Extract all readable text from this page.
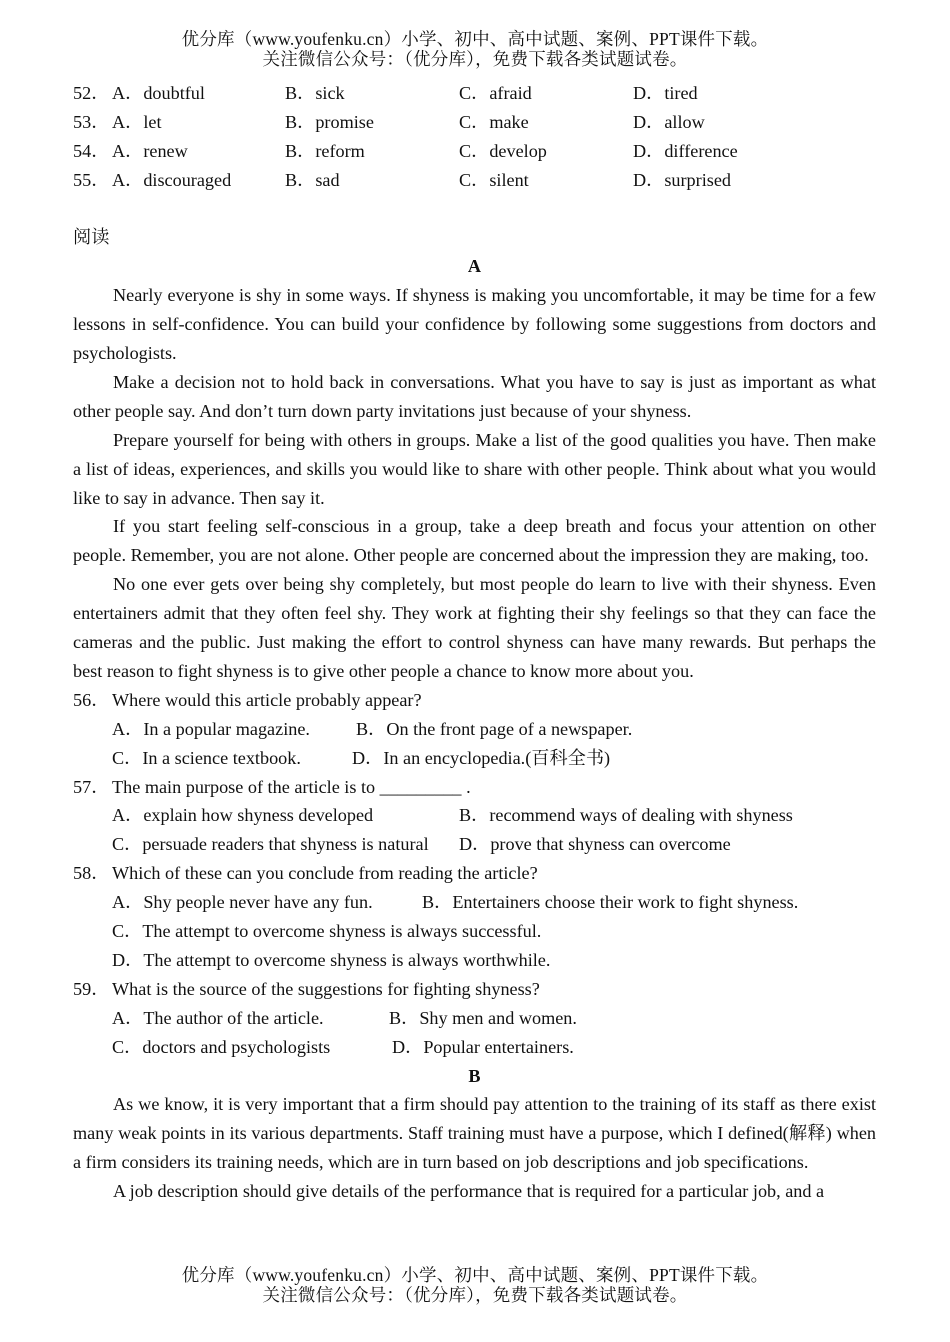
优分库（www.youfenku.cn）小学、初中、高中试题、案例、PPT课件下载。
关注微信公众号：（优分库），免费下载各类试题试卷。
52． A．doubtful	B．sick	C．afraid	D．tired
53． A．let	B．promise	C．make	D．allow
54． A．renew	B．reform	C．develop	D．difference
55． A．discouraged	B．sad	C．silent	D．surprised
阅读
A

Nearly everyone is shy in some ways. If shyness is making you uncomfortable, it may be time for a few lessons in self-confidence. You can build your confidence by following some suggestions from doctors and psychologists.

Make a decision not to hold back in conversations. What you have to say is just as important as what other people say. And don’t turn down party invitations just because of your shyness.

Prepare yourself for being with others in groups. Make a list of the good qualities you have. Then make a list of ideas, experiences, and skills you would like to share with other people. Think about what you would like to say in advance. Then say it.

If you start feeling self-conscious in a group, take a deep breath and focus your attention on other people. Remember, you are not alone. Other people are concerned about the impression they are making, too.

No one ever gets over being shy completely, but most people do learn to live with their shyness. Even entertainers admit that they often feel shy. They work at fighting their shy feelings so that they can face the cameras and the public. Just making the effort to control shyness can have many rewards. But perhaps the best reason to fight shyness is to give other people a chance to know more about you.

56． Where would this article probably appear?
A．In a popular magazine.	B．On the front page of a newspaper.
C．In a science textbook.	D．In an encyclopedia.(百科全书)
57． The main purpose of the article is to _________ .
A．explain how shyness developed	B．recommend ways of dealing with shyness
C．persuade readers that shyness is natural D．prove that shyness can overcome
58． Which of these can you conclude from reading the article?
A．Shy people never have any fun.	B．Entertainers choose their work to fight shyness.
C．The attempt to overcome shyness is always successful.
D．The attempt to overcome shyness is always worthwhile.
59． What is the source of the suggestions for fighting shyness?
A．The author of the article.	B．Shy men and women.
C．doctors and psychologists	D．Popular entertainers.
B

As we know, it is very important that a firm should pay attention to the training of its staff as there exist many weak points in its various departments. Staff training must have a purpose, which I defined(解释) when a firm considers its training needs, which are in turn based on job descriptions and job specifications.

A job description should give details of the performance that is required for a particular job, and a

优分库（www.youfenku.cn）小学、初中、高中试题、案例、PPT课件下载。
关注微信公众号：（优分库），免费下载各类试题试卷。
